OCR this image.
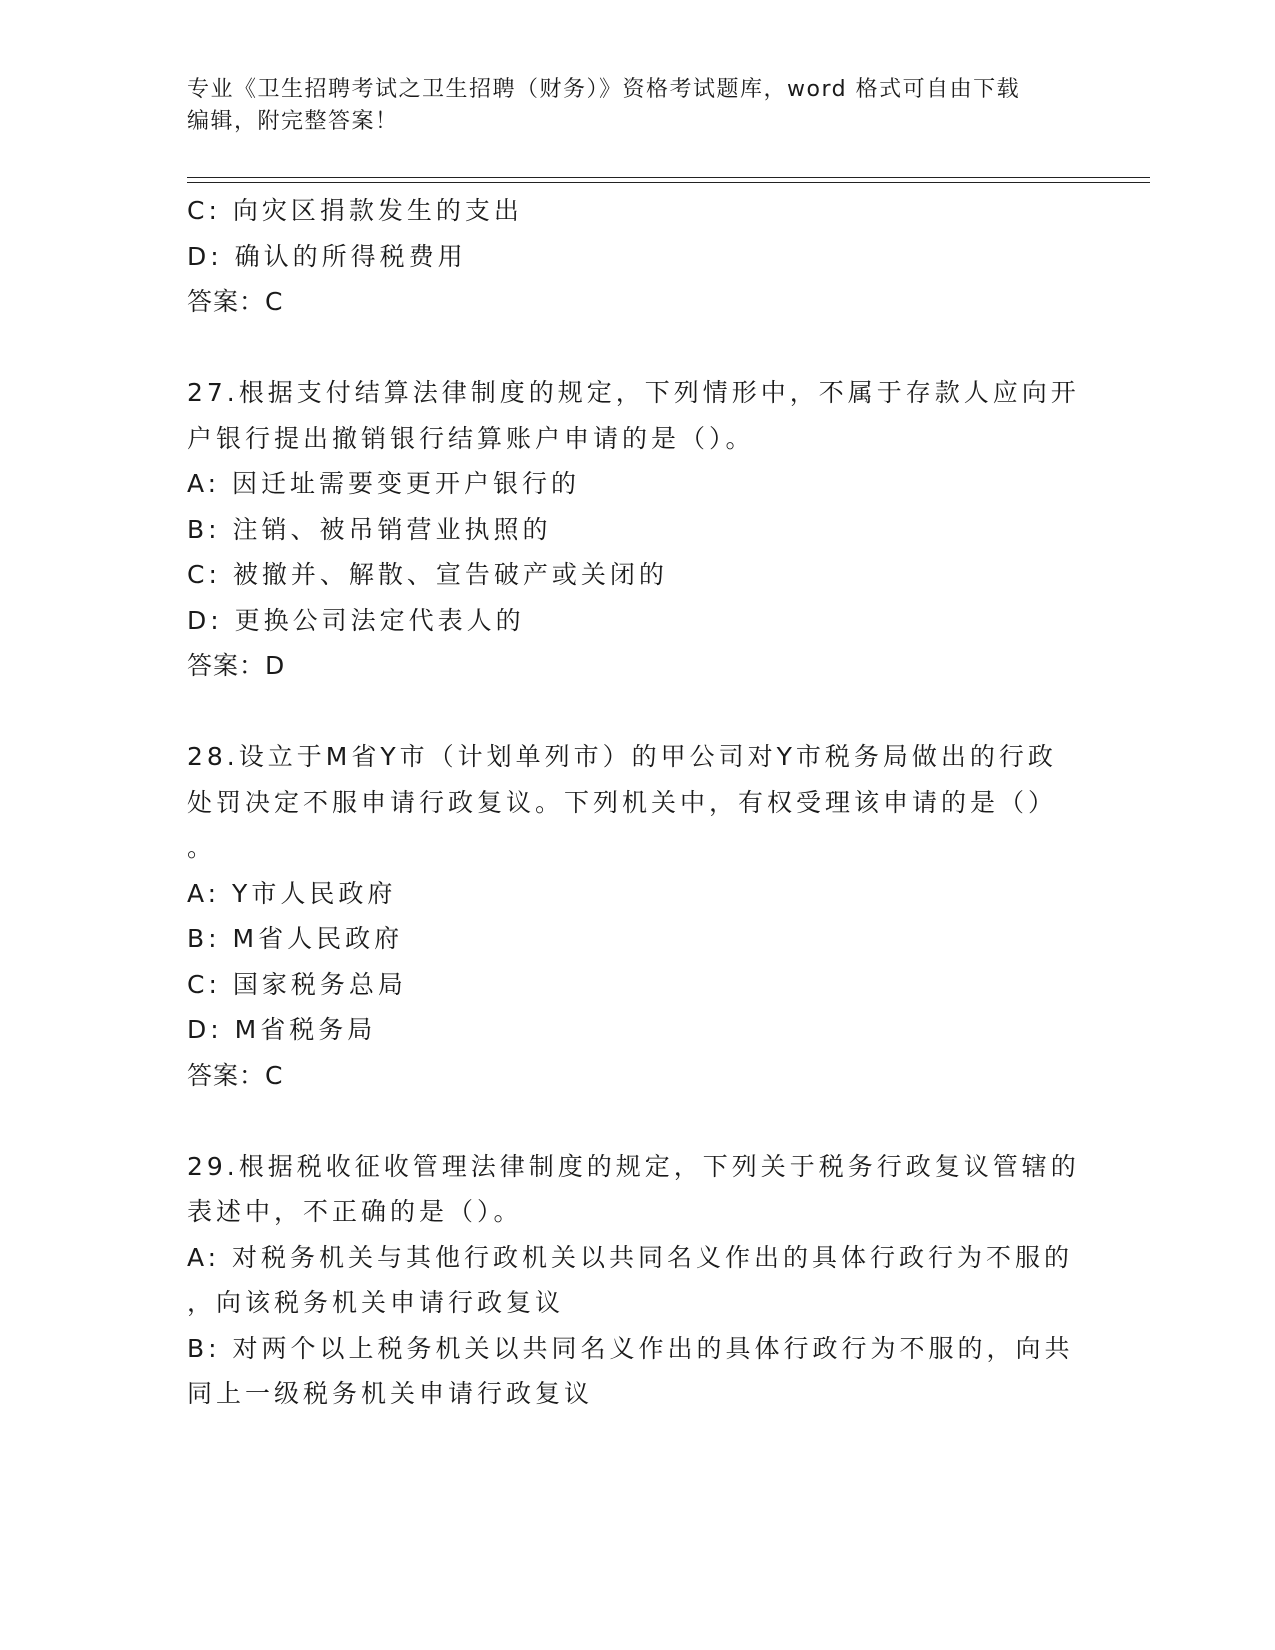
专业《卫生招聘考试之卫生招聘（财务）》资格考试题库，word 格式可自由下载
编辑，附完整答案！
C: 向灾区捐款发生的支出
D: 确认的所得税费用
答案：C
27.根据支付结算法律制度的规定，下列情形中，不属于存款人应向开
户银行提出撤销银行结算账户申请的是（）。
A: 因迁址需要变更开户银行的
B: 注销、被吊销营业执照的
C: 被撤并、解散、宣告破产或关闭的
D: 更换公司法定代表人的
答案：D
28.设立于M省Y市（计划单列市）的甲公司对Y市税务局做出的行政
处罚决定不服申请行政复议。下列机关中，有权受理该申请的是（）
。
A: Y市人民政府
B: M省人民政府
C: 国家税务总局
D: M省税务局
答案：C
29.根据税收征收管理法律制度的规定，下列关于税务行政复议管辖的
表述中，不正确的是（）。
A: 对税务机关与其他行政机关以共同名义作出的具体行政行为不服的
，向该税务机关申请行政复议
B: 对两个以上税务机关以共同名义作出的具体行政行为不服的，向共
同上一级税务机关申请行政复议
